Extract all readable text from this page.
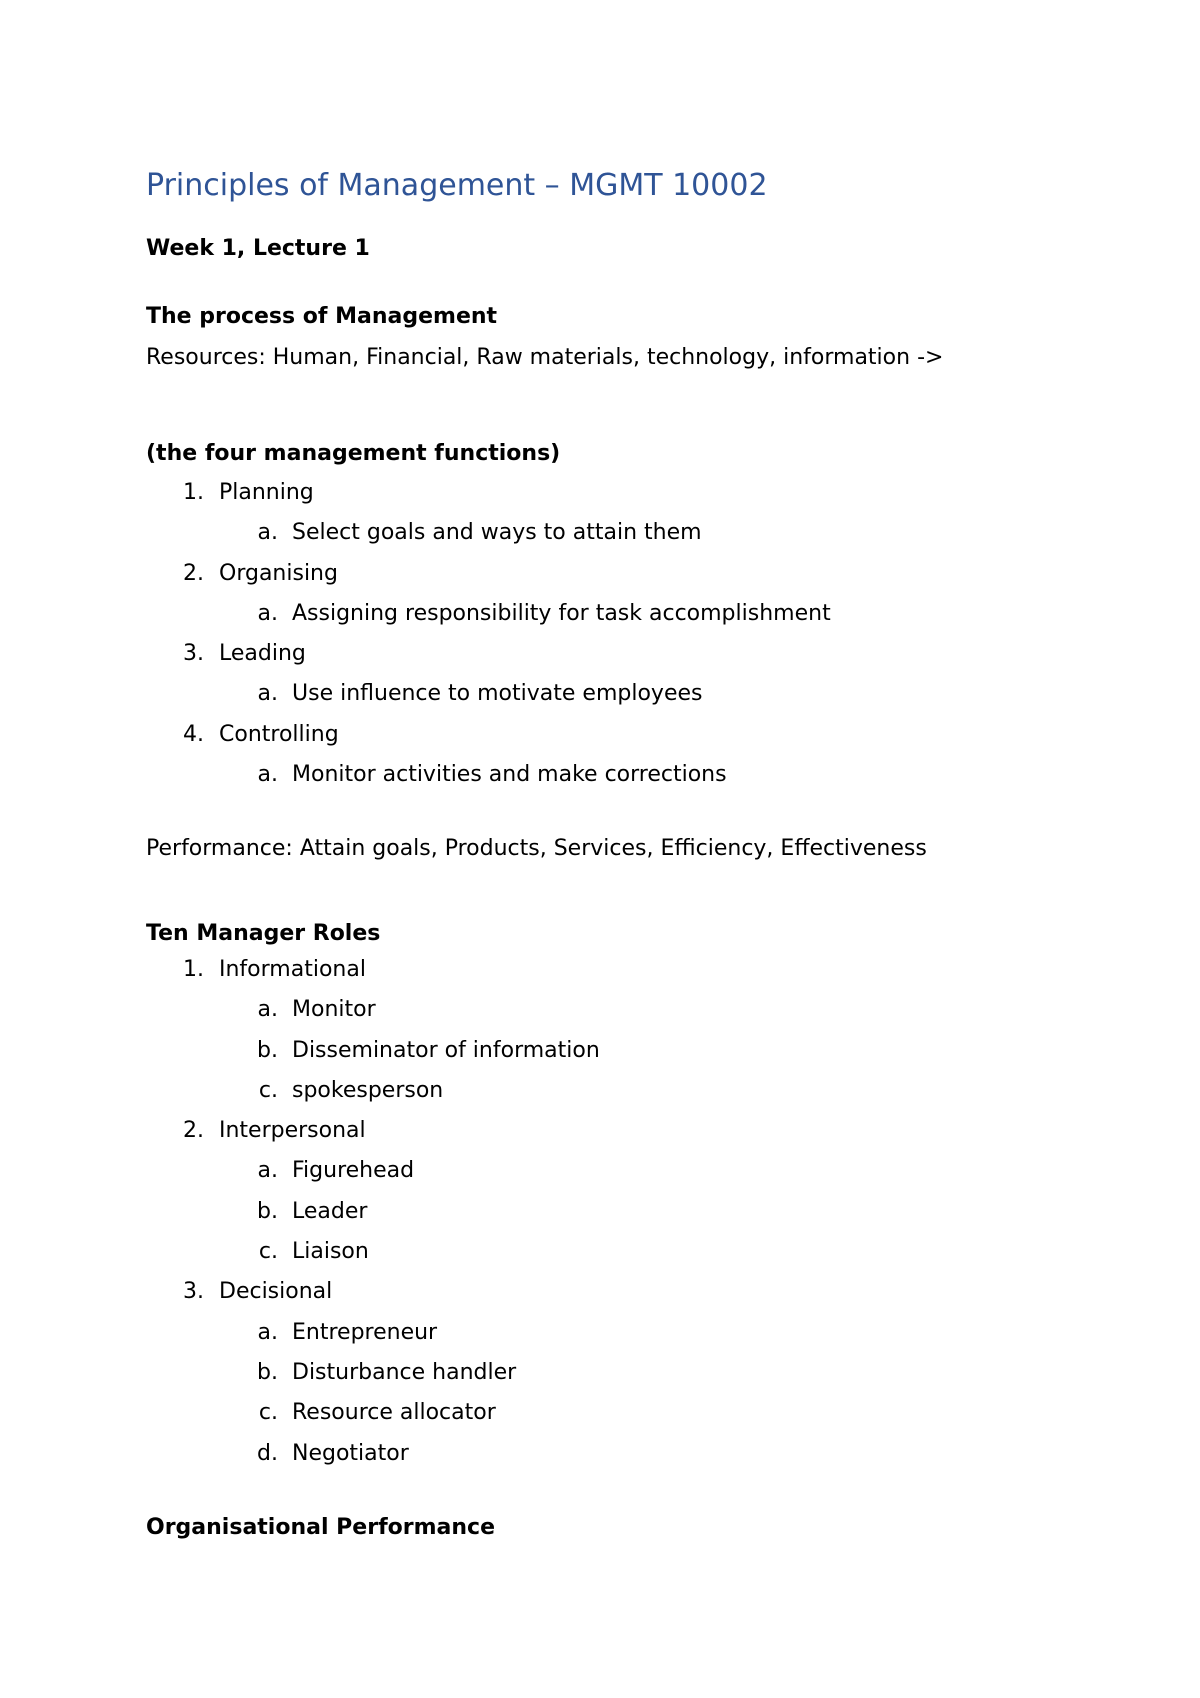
Principles of Management – MGMT 10002
Week 1, Lecture 1
The process of Management
Resources: Human, Financial, Raw materials, technology, information ->
(the four management functions)
1. Planning
a. Select goals and ways to attain them
2. Organising
a. Assigning responsibility for task accomplishment
3. Leading
a. Use influence to motivate employees
4. Controlling
a. Monitor activities and make corrections
Performance: Attain goals, Products, Services, Efficiency, Effectiveness
Ten Manager Roles
1. Informational
a. Monitor
b. Disseminator of information
c. spokesperson
2. Interpersonal
a. Figurehead
b. Leader
c. Liaison
3. Decisional
a. Entrepreneur
b. Disturbance handler
c. Resource allocator
d. Negotiator
Organisational Performance
